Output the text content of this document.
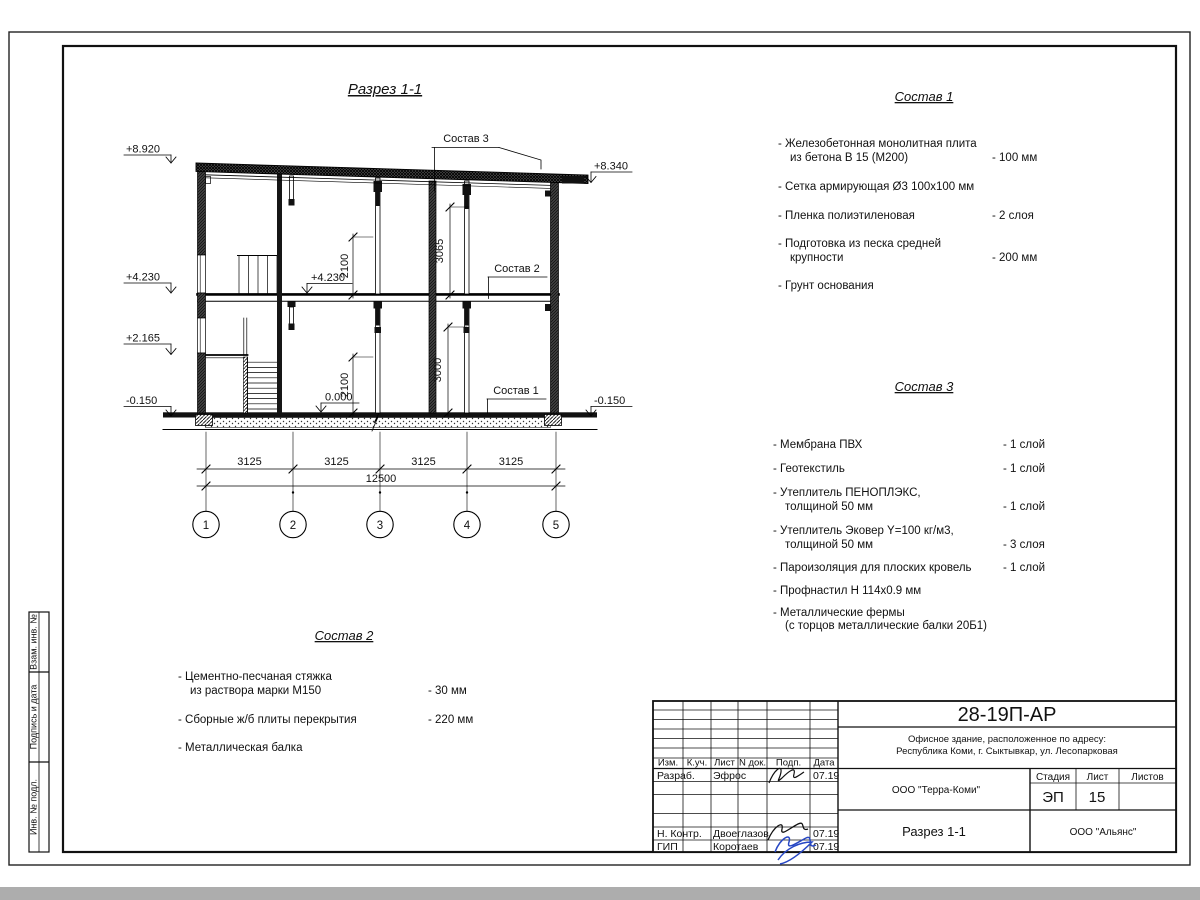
Взам. инв. №
Подпись и дата
Инв. № подл.
Разрез 1-1
2100
3065
2100
3000
+8.920
+4.230
+2.165
-0.150
+8.340
-0.150
+4.230
0.000
Состав 3
Состав 2
Состав 1
3125	3125	3125	3125
12500
1	2	3	4	5
Состав 1
- Железобетонная монолитная плита
из бетона В 15 (М200)	- 100 мм
- Сетка армирующая Ø3 100х100 мм
- Пленка полиэтиленовая	- 2 слоя
- Подготовка из песка средней
крупности	- 200 мм
- Грунт основания
Состав 3
- Мембрана ПВХ	- 1 слой
- Геотекстиль	- 1 слой
- Утеплитель ПЕНОПЛЭКС,
толщиной 50 мм	- 1 слой
- Утеплитель Эковер Y=100 кг/м3,
толщиной 50 мм	- 3 слоя
- Пароизоляция для плоских кровель	- 1 слой
- Профнастил Н 114х0.9 мм
- Металлические фермы
(с торцов металлические балки 20Б1)
Состав 2
- Цементно-песчаная стяжка
из раствора марки М150	- 30 мм
- Сборные ж/б плиты перекрытия	- 220 мм
- Металлическая балка
Изм. К.уч. Лист N док. Подп. Дата
Разраб. Эфрос	07.19
Н. Контр. Двоеглазов	07.19
ГИП	Коротаев	07.19
28-19П-АР
Офисное здание, расположенное по адресу:
Республика Коми, г. Сыктывкар, ул. Лесопарковая
ООО "Терра-Коми"
Стадия Лист Листов
ЭП 15
Разрез 1-1	ООО "Альянс"
